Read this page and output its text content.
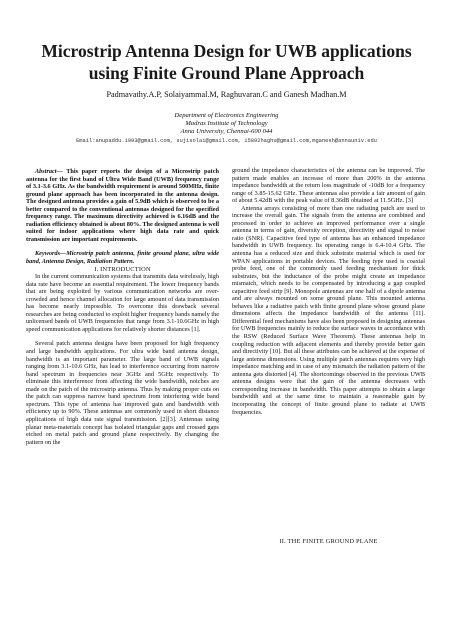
Microstrip Antenna Design for UWB applications
using Finite Ground Plane Approach
Padmavathy.A.P, Solaiyammal.M, Raghuvaran.C and Ganesh Madhan.M
Department of Electronics Engineering
Madras Institute of Technology
Anna University, Chennai-600 044
Email:anupaddu.1993@gmail.com, sujisolai@gmail.com, 15892haghu@gmail.com,mganesh@annauniv.edu

Abstract— This paper reports the design of a Microstrip patch antenna for the first band of Ultra Wide Band (UWB) frequency range of 3.1-3.6 GHz. As the bandwidth requirement is around 500MHz, finite ground plane approach has been incorporated in the antenna design. The designed antenna provides a gain of 5.9dB which is observed to be a better compared to the conventional antennas designed for the specified frequency range. The maximum directivity achieved is 6.16dB and the radiation efficiency obtained is about 80%. The designed antenna is well suited for indoor applications where high data rate and quick transmission are important requirements.

Keywords—Microstrip patch antenna, finite ground plane, ultra wide band, Antenna Design, Radiation Pattern.

I. INTRODUCTION

In the current communication systems that transmits data wirelessly, high data rate have become an essential requirement. The lower frequency bands that are being exploited by various communication networks are over-crowded and hence channel allocation for large amount of data transmission has become nearly impossible. To overcome this drawback several researches are being conducted to exploit higher frequency bands namely the unlicensed bands of UWB frequencies that range from 3.1-10.6GHz in high speed communication applications for relatively shorter distances [1].

Several patch antenna designs have been proposed for high frequency and large bandwidth applications. For ultra wide band antenna design, bandwidth is an important parameter. The large band of UWB signals ranging from 3.1-10.6 GHz, has lead to interference occurring from narrow band spectrum in frequencies near 3GHz and 5GHz respectively. To eliminate this interference from affecting the wide bandwidth, notches are made on the patch of the microstrip antenna. Thus by making proper cuts on the patch can suppress narrow band spectrum from interfering wide band spectrum. This type of antenna has improved gain and bandwidth with efficiency up to 90%. These antennas are commonly used in short distance applications of high data rate signal transmission. [2][3]. Antennas using planar meta-materials concept has isolated triangular gaps and crossed gaps etched on metal patch and ground plane respectively. By changing the pattern on the

ground the impedance characteristics of the antenna can be improved. The pattern made enables an increase of more than 200% in the antenna impedance bandwidth at the return loss magnitude of -10dB for a frequency range of 3.85-15.62 GHz. These antennas also provide a fair amount of gain of about 5.42dB with the peak value of 8.36dB obtained at 11.5GHz. [3]

Antenna arrays consisting of more than one radiating patch are used to increase the overall gain. The signals from the antenna are combined and processed in order to achieve an improved performance over a single antenna in terms of gain, diversity reception, directivity and signal to noise ratio (SNR). Capacitive feed type of antenna has an enhanced impedance bandwidth in UWB frequency. Its operating range is 6.4-10.4 GHz. The antenna has a reduced size and thick substrate material which is used for WPAN applications in portable devices. The feeding type used is coaxial probe feed, one of the commonly used feeding mechanism for thick substrates, but the inductance of the probe might create an impedance mismatch, which needs to be compensated by introducing a gap coupled capacitive feed strip [9]. Monopole antennas are one half of a dipole antenna and are always mounted on some ground plane. This mounted antenna behaves like a radiative patch with finite ground plane whose ground plane dimensions affects the impedance bandwidth of the antenna [11]. Differential feed mechanisms have also been proposed in designing antennas for UWB frequencies mainly to reduce the surface waves in accordance with the RSW (Reduced Surface Wave Theorem). These antennas help in coupling reduction with adjacent elements and thereby provide better gain and directivity [10]. But all these attributes can be achieved at the expense of large antenna dimensions. Using multiple patch antennas requires very high impedance matching and in case of any mismatch the radiation pattern of the antenna gets distorted [4]. The shortcomings observed in the previous UWB antenna designs were that the gain of the antenna decreases with corresponding increase in bandwidth. This paper attempts to obtain a large bandwidth and at the same time to maintain a reasonable gain by incorporating the concept of finite ground plane to radiate at UWB frequencies.

II. THE FINITE GROUND PLANE
